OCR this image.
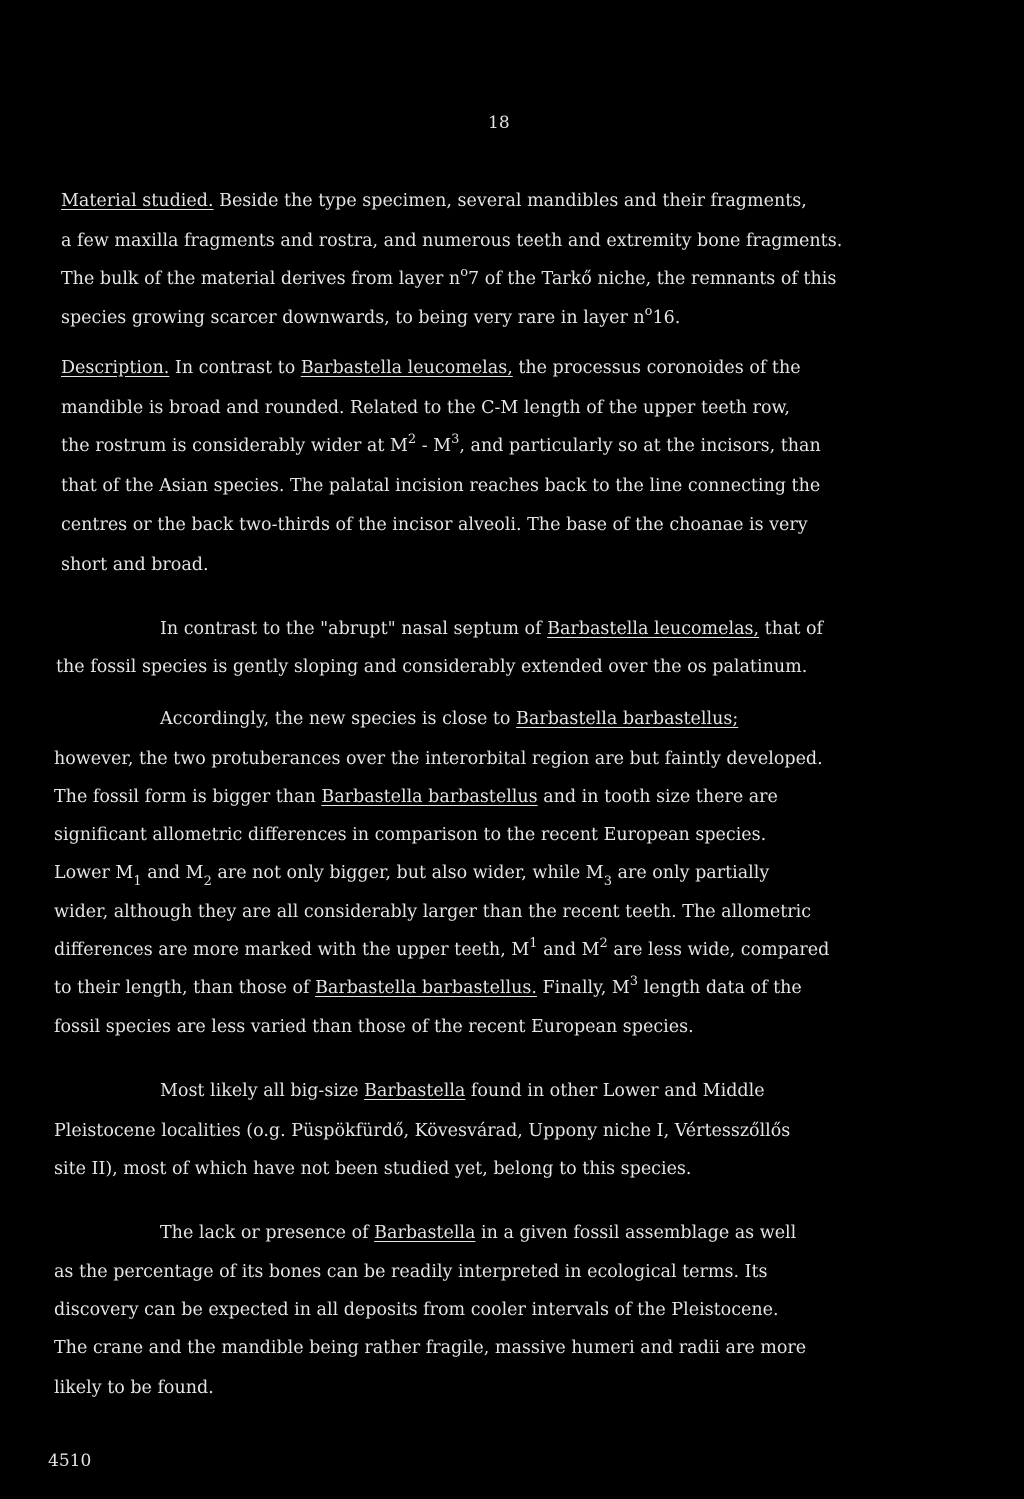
18
Material studied. Beside the type specimen, several mandibles and their fragments,
a few maxilla fragments and rostra, and numerous teeth and extremity bone fragments.
The bulk of the material derives from layer $n^o7$ of the Tarkő niche, the remnants of this
species growing scarcer downwards, to being very rare in layer $n^o16$.
Description. In contrast to Barbastella leucomelas, the processus coronoides of the
mandible is broad and rounded. Related to the C-M length of the upper teeth row,
the rostrum is considerably wider at $M^2 - M^3$, and particularly so at the incisors, than
that of the Asian species. The palatal incision reaches back to the line connecting the
centres or the back two-thirds of the incisor alveoli. The base of the choanae is very
short and broad.
In contrast to the "abrupt" nasal septum of Barbastella leucomelas, that of
the fossil species is gently sloping and considerably extended over the os palatinum.
Accordingly, the new species is close to Barbastella barbastellus;
however, the two protuberances over the interorbital region are but faintly developed.
The fossil form is bigger than Barbastella barbastellus and in tooth size there are
significant allometric differences in comparison to the recent European species.
Lower $M_1$ and $M_2$ are not only bigger, but also wider, while $M_3$ are only partially
wider, although they are all considerably larger than the recent teeth. The allometric
differences are more marked with the upper teeth, $M^1$ and $M^2$ are less wide, compared
to their length, than those of Barbastella barbastellus. Finally, $M^3$ length data of the
fossil species are less varied than those of the recent European species.
Most likely all big-size Barbastella found in other Lower and Middle
Pleistocene localities (o.g. Püspökfürdő, Kövesvárad, Uppony niche I, Vértesszőllős
site II), most of which have not been studied yet, belong to this species.
The lack or presence of Barbastella in a given fossil assemblage as well
as the percentage of its bones can be readily interpreted in ecological terms. Its
discovery can be expected in all deposits from cooler intervals of the Pleistocene.
The crane and the mandible being rather fragile, massive humeri and radii are more
likely to be found.
4510
